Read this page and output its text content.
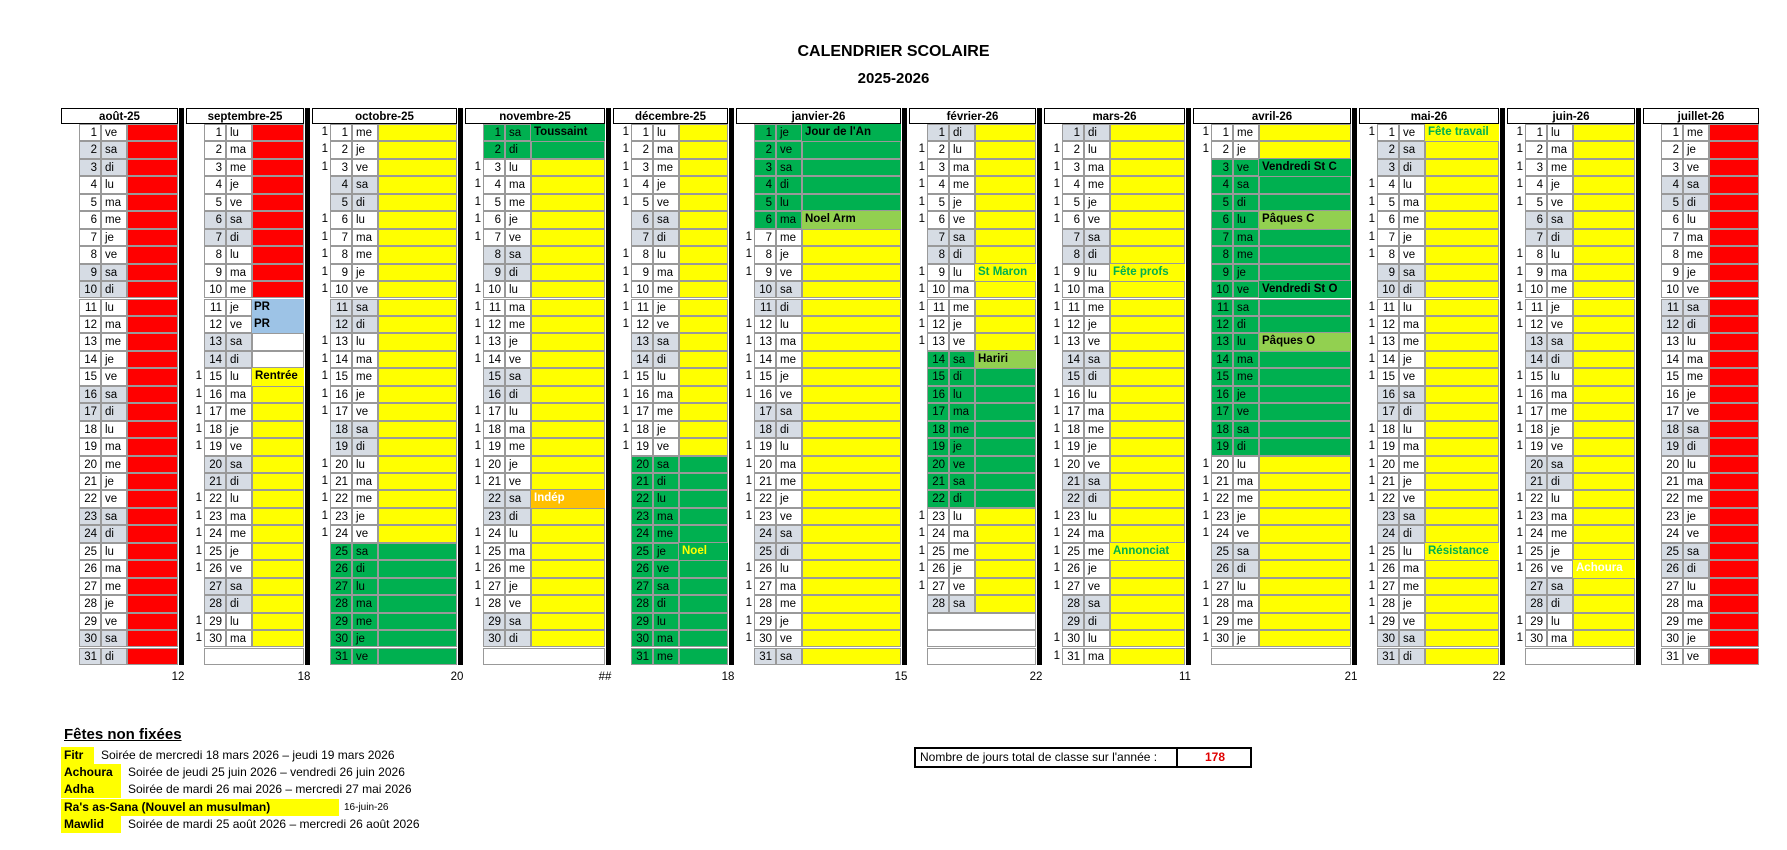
CALENDRIER SCOLAIRE
2025-2026
août-25
1 ve
2 sa
3 di
4 lu
5 ma
6 me
7 je
8 ve
9 sa
10 di
11 lu
12 ma
13 me
14 je
15 ve
16 sa
17 di
18 lu
19 ma
20 me
21 je
22 ve
23 sa
24 di
25 lu
26 ma
27 me
28 je
29 ve
30 sa
31 di
12
septembre-25
1 lu
2 ma
3 me
4 je
5 ve
6 sa
7 di
8 lu
9 ma
10 me
11 je	PR
12 ve	PR
13 sa
14 di
1 15 lu	Rentrée
1 16 ma
1 17 me
1 18 je
1 19 ve
20 sa
21 di
1 22 lu
1 23 ma
1 24 me
1 25 je
1 26 ve
27 sa
28 di
1 29 lu
1 30 ma
18
octobre-25
1	1 me
1	2 je
1	3 ve
4 sa
5 di
1	6 lu
1	7 ma
1	8 me
1	9 je
1 10 ve
11 sa
12 di
1 13 lu
1 14 ma
1 15 me
1 16 je
1 17 ve
18 sa
19 di
1 20 lu
1 21 ma
1 22 me
1 23 je
1 24 ve
25 sa
26 di
27 lu
28 ma
29 me
30 je
31 ve
20
novembre-25
1 sa	Toussaint
2 di
1	3 lu
1	4 ma
1	5 me
1	6 je
1	7 ve
8 sa
9 di
1 10 lu
1 11 ma
1 12 me
1 13 je
1 14 ve
15 sa
16 di
1 17 lu
1 18 ma
1 19 me
1 20 je
1 21 ve
22 sa	Indép
23 di
1 24 lu
1 25 ma
1 26 me
1 27 je
1 28 ve
29 sa
30 di
##
décembre-25
1	1 lu
1	2 ma
1	3 me
1	4 je
1	5 ve
6 sa
7 di
1	8 lu
1	9 ma
1 10 me
1 11 je
1 12 ve
13 sa
14 di
1 15 lu
1 16 ma
1 17 me
1 18 je
1 19 ve
20 sa
21 di
22 lu
23 ma
24 me
25 je	Noel
26 ve
27 sa
28 di
29 lu
30 ma
31 me
18
janvier-26
1 je	Jour de l'An
2 ve
3 sa
4 di
5 lu
6 ma Noel Arm
1	7 me
1	8 je
1	9 ve
10 sa
11 di
1 12 lu
1 13 ma
1 14 me
1 15 je
1 16 ve
17 sa
18 di
1 19 lu
1 20 ma
1 21 me
1 22 je
1 23 ve
24 sa
25 di
1 26 lu
1 27 ma
1 28 me
1 29 je
1 30 ve
31 sa
15
février-26
1 di
1	2 lu
1	3 ma
1	4 me
1	5 je
1	6 ve
7 sa
8 di
1	9 lu	St Maron
1 10 ma
1 11 me
1 12 je
1 13 ve
14 sa	Hariri
15 di
16 lu
17 ma
18 me
19 je
20 ve
21 sa
22 di
1 23 lu
1 24 ma
1 25 me
1 26 je
1 27 ve
28 sa
22
mars-26
1 di
1	2 lu
1	3 ma
1	4 me
1	5 je
1	6 ve
7 sa
8 di
1	9 lu	Fête profs
1 10 ma
1 11 me
1 12 je
1 13 ve
14 sa
15 di
1 16 lu
1 17 ma
1 18 me
1 19 je
1 20 ve
21 sa
22 di
1 23 lu
1 24 ma
1 25 me Annonciat
1 26 je
1 27 ve
28 sa
29 di
1 30 lu
1 31 ma
11
avril-26
1	1 me
1	2 je
3 ve	Vendredi St C
4 sa
5 di
6 lu	Pâques C
7 ma
8 me
9 je
10 ve	Vendredi St O
11 sa
12 di
13 lu	Pâques O
14 ma
15 me
16 je
17 ve
18 sa
19 di
1 20 lu
1 21 ma
1 22 me
1 23 je
1 24 ve
25 sa
26 di
1 27 lu
1 28 ma
1 29 me
1 30 je
21
mai-26
1	1 ve	Fête travail
2 sa
3 di
1	4 lu
1	5 ma
1	6 me
1	7 je
1	8 ve
9 sa
10 di
1 11 lu
1 12 ma
1 13 me
1 14 je
1 15 ve
16 sa
17 di
1 18 lu
1 19 ma
1 20 me
1 21 je
1 22 ve
23 sa
24 di
1 25 lu	Résistance
1 26 ma
1 27 me
1 28 je
1 29 ve
30 sa
31 di
22
juin-26
1	1 lu
1	2 ma
1	3 me
1	4 je
1	5 ve
6 sa
7 di
1	8 lu
1	9 ma
1 10 me
1 11 je
1 12 ve
13 sa
14 di
1 15 lu
1 16 ma
1 17 me
1 18 je
1 19 ve
20 sa
21 di
1 22 lu
1 23 ma
1 24 me
1 25 je
1 26 ve	Achoura
27 sa
28 di
1 29 lu
1 30 ma
juillet-26
1 me
2 je
3 ve
4 sa
5 di
6 lu
7 ma
8 me
9 je
10 ve
11 sa
12 di
13 lu
14 ma
15 me
16 je
17 ve
18 sa
19 di
20 lu
21 ma
22 me
23 je
24 ve
25 sa
26 di
27 lu
28 ma
29 me
30 je
31 ve
Fêtes non fixées
Fitr	Soirée de mercredi 18 mars 2026 – jeudi 19 mars 2026
Achoura	Soirée de jeudi 25 juin 2026 – vendredi 26 juin 2026
Adha	Soirée de mardi 26 mai 2026 – mercredi 27 mai 2026
Ra's as-Sana (Nouvel an musulman)	16-juin-26
Mawlid	Soirée de mardi 25 août 2026 – mercredi 26 août 2026
Nombre de jours total de classe sur l'année :	178
